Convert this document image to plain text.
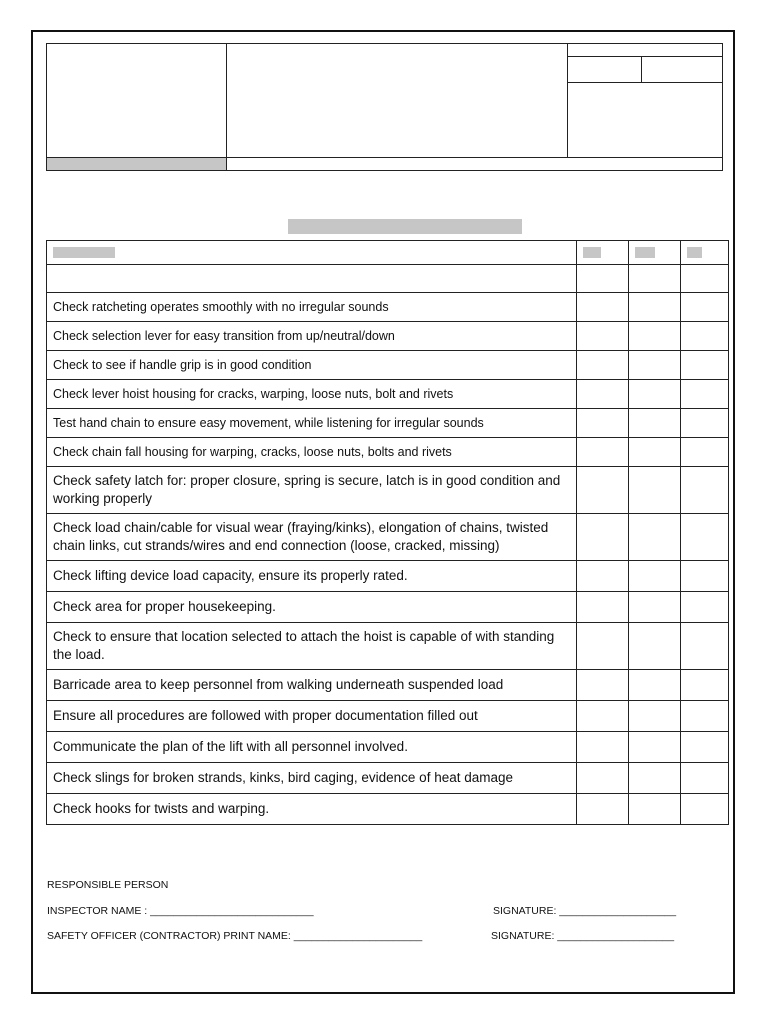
Check ratcheting operates smoothly with no irregular sounds			
Check selection lever for easy transition from up/neutral/down			
Check to see if handle grip is in good condition			
Check lever hoist housing for cracks, warping, loose nuts, bolt and rivets			
Test hand chain to ensure easy movement, while listening for irregular sounds			
Check chain fall housing for warping, cracks, loose nuts, bolts and rivets			
Check safety latch for: proper closure, spring is secure, latch is in good condition and working properly			
Check load chain/cable for visual wear (fraying/kinks), elongation of chains, twisted chain links, cut strands/wires and end connection (loose, cracked, missing)			
Check lifting device load capacity, ensure its properly rated.			
Check area for proper housekeeping.			
Check to ensure that location selected to attach the hoist is capable of with standing the load.			
Barricade area to keep personnel from walking underneath suspended load			
Ensure all procedures are followed with proper documentation filled out			
Communicate the plan of the lift with all personnel involved.			
Check slings for broken strands, kinks, bird caging, evidence of heat damage			
Check hooks for twists and warping.			
RESPONSIBLE PERSON
INSPECTOR NAME : ____________________________	SIGNATURE: ____________________
SAFETY OFFICER (CONTRACTOR) PRINT NAME: ______________________	SIGNATURE: ____________________
